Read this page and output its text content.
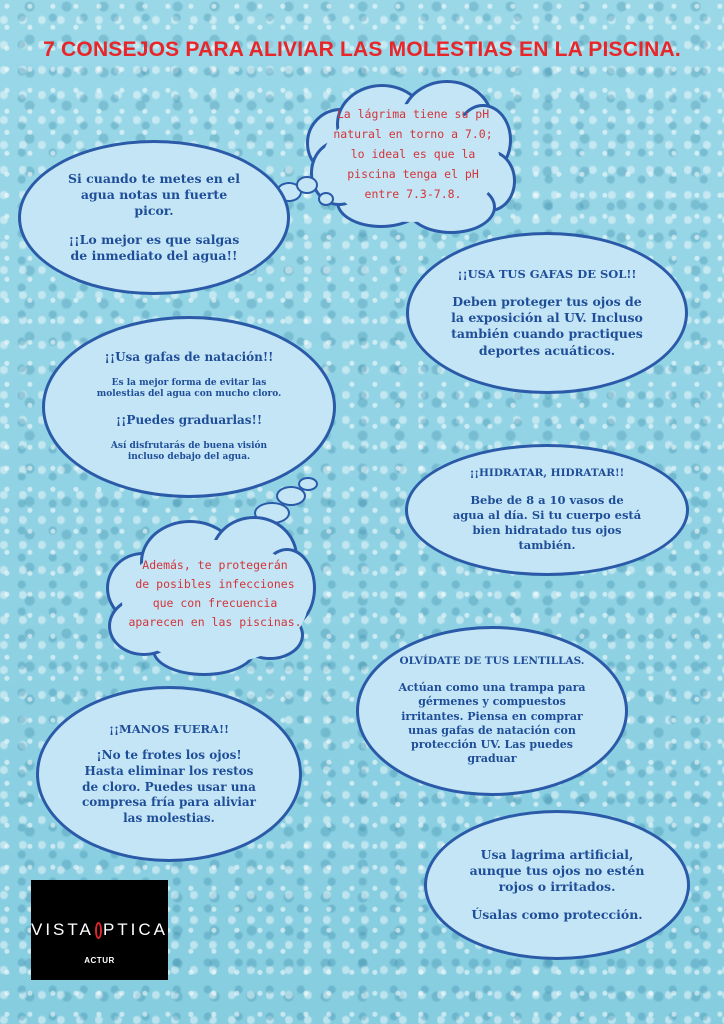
7 CONSEJOS PARA ALIVIAR LAS MOLESTIAS EN LA PISCINA.
La lágrima tiene su pH
natural en torno a 7.0;
lo ideal es que la
piscina tenga el pH
entre 7.3-7.8.

Si cuando te metes en el

agua notas un fuerte

picor.

¡¡Lo mejor es que salgas

de inmediato del agua!!

¡¡USA TUS GAFAS DE SOL!!

Deben proteger tus ojos de

la exposición al UV. Incluso

también cuando practiques

deportes acuáticos.

¡¡Usa gafas de natación!!

Es la mejor forma de evitar las

molestias del agua con mucho cloro.

¡¡Puedes graduarlas!!

Así disfrutarás de buena visión

incluso debajo del agua.

¡¡HIDRATAR, HIDRATAR!!

Bebe de 8 a 10 vasos de

agua al día. Si tu cuerpo está

bien hidratado tus ojos

también.

Además, te protegerán
de posibles infecciones
que con frecuencia
aparecen en las piscinas.

OLVÍDATE DE TUS LENTILLAS.

Actúan como una trampa para

gérmenes y compuestos

irritantes. Piensa en comprar

unas gafas de natación con

protección UV. Las puedes

graduar

¡¡MANOS FUERA!!

¡No te frotes los ojos!

Hasta eliminar los restos

de cloro. Puedes usar una

compresa fría para aliviar

las molestias.

Usa lagrima artificial,

aunque tus ojos no estén

rojos o irritados.

Úsalas como protección.

VISTA PTICA
ACTUR
